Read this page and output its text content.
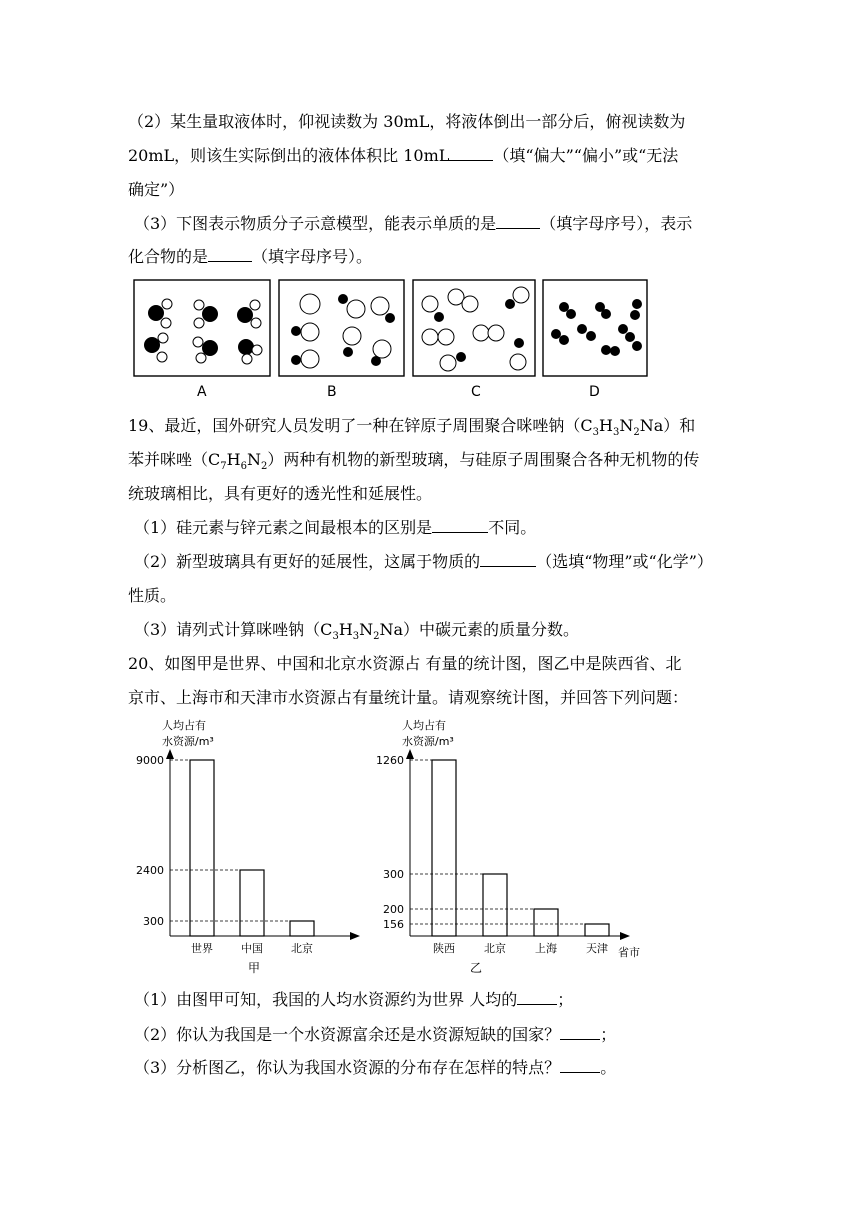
（2）某生量取液体时，仰视读数为 30mL，将液体倒出一部分后，俯视读数为
20mL，则该生实际倒出的液体体积比 10mL	（填“偏大”“偏小”或“无法
确定”）
（3）下图表示物质分子示意模型，能表示单质的是	（填字母序号），表示
化合物的是	（填字母序号）。
A	B	C	D
19、最近，国外研究人员发明了一种在锌原子周围聚合咪唑钠$(C_3H_3N_2Na)$和
苯并咪唑$(C_7H_6N_2)$两种有机物的新型玻璃，与硅原子周围聚合各种无机物的传
统玻璃相比，具有更好的透光性和延展性。
（1）硅元素与锌元素之间最根本的区别是	不同。
（2）新型玻璃具有更好的延展性，这属于物质的	（选填“物理”或“化学”）
性质。
（3）请列式计算咪唑钠$(C_3H_3N_2Na)$中碳元素的质量分数。
20、如图甲是世界、中国和北京水资源占 有量的统计图，图乙中是陕西省、北
京市、上海市和天津市水资源占有量统计量。请观察统计图，并回答下列问题：
人均占有
水资源/m³
9000
世界
2400
中国
300
北京
甲
人均占有
水资源/m³
1260
陕西
300
北京
200
上海
156
天津 省市
乙
（1）由图甲可知，我国的人均水资源约为世界 人均的	；
（2）你认为我国是一个水资源富余还是水资源短缺的国家？	；
（3）分析图乙，你认为我国水资源的分布存在怎样的特点？	。
